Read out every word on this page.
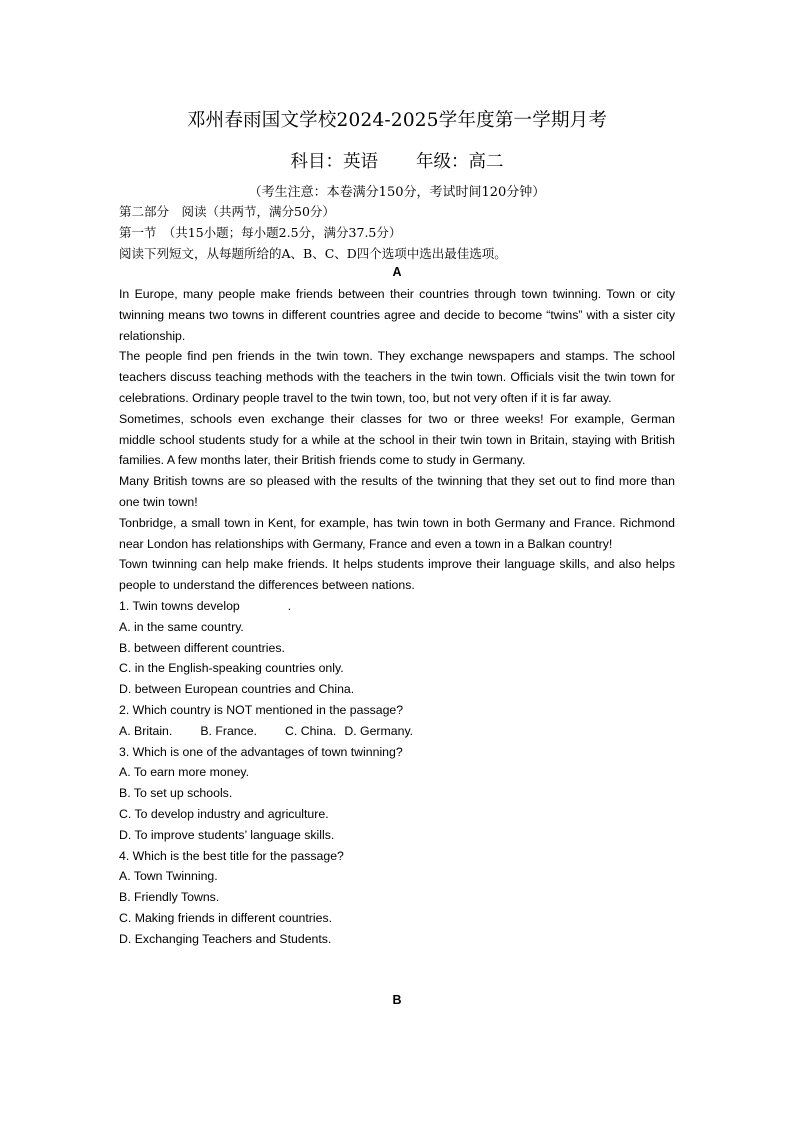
邓州春雨国文学校2024-2025学年度第一学期月考
科目：英语 年级：高二
（考生注意：本卷满分150分，考试时间120分钟）
第二部分　阅读（共两节，满分50分）
第一节　（共15小题；每小题2.5分，满分37.5分）
阅读下列短文，从每题所给的A、B、C、D四个选项中选出最佳选项。
A

In Europe, many people make friends between their countries through town twinning. Town or city twinning means two towns in different countries agree and decide to become “twins” with a sister city relationship.

The people find pen friends in the twin town. They exchange newspapers and stamps. The school teachers discuss teaching methods with the teachers in the twin town. Officials visit the twin town for celebrations. Ordinary people travel to the twin town, too, but not very often if it is far away.

Sometimes, schools even exchange their classes for two or three weeks! For example, German middle school students study for a while at the school in their twin town in Britain, staying with British families. A few months later, their British friends come to study in Germany.

Many British towns are so pleased with the results of the twinning that they set out to find more than one twin town!

Tonbridge, a small town in Kent, for example, has twin town in both Germany and France. Richmond near London has relationships with Germany, France and even a town in a Balkan country!

Town twinning can help make friends. It helps students improve their language skills, and also helps people to understand the differences between nations.

1. Twin towns develop	.

A. in the same country.

B. between different countries.

C. in the English-speaking countries only.

D. between European countries and China.

2. Which country is NOT mentioned in the passage?

A. Britain. B. France. C. China. D. Germany.

3. Which is one of the advantages of town twinning?

A. To earn more money.

B. To set up schools.

C. To develop industry and agriculture.

D. To improve students’ language skills.

4. Which is the best title for the passage?

A. Town Twinning.

B. Friendly Towns.

C. Making friends in different countries.

D. Exchanging Teachers and Students.

B
